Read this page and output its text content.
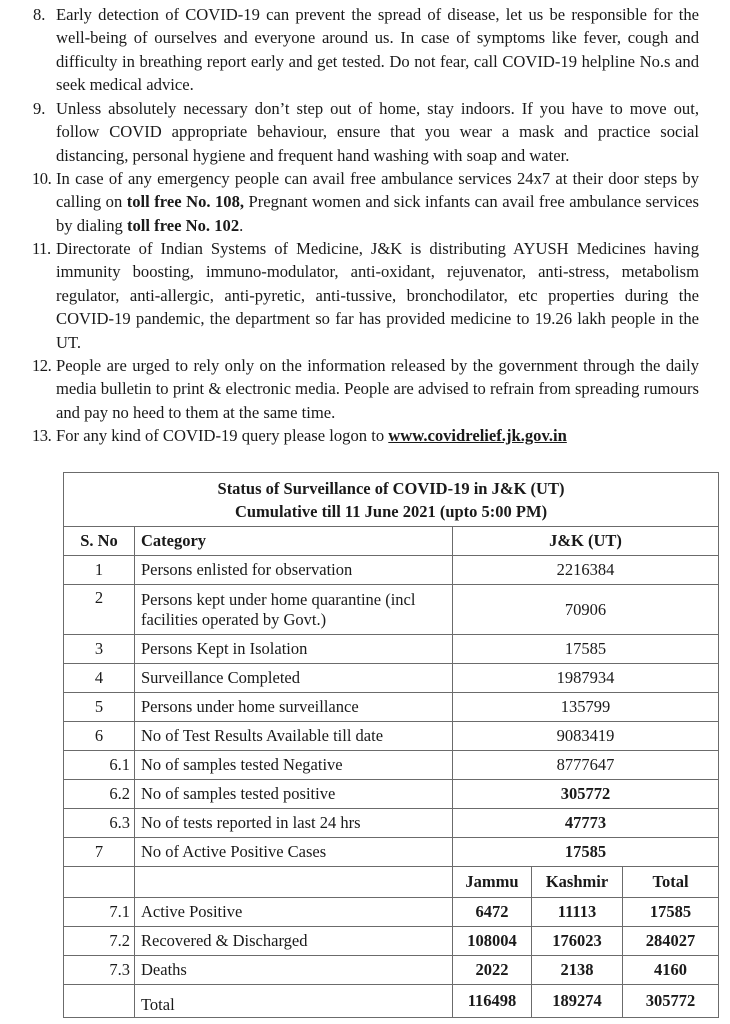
8. Early detection of COVID-19 can prevent the spread of disease, let us be responsible for the well-being of ourselves and everyone around us. In case of symptoms like fever, cough and difficulty in breathing report early and get tested. Do not fear, call COVID-19 helpline No.s and seek medical advice.
9. Unless absolutely necessary don’t step out of home, stay indoors. If you have to move out, follow COVID appropriate behaviour, ensure that you wear a mask and practice social distancing, personal hygiene and frequent hand washing with soap and water.
10. In case of any emergency people can avail free ambulance services 24x7 at their door steps by calling on toll free No. 108, Pregnant women and sick infants can avail free ambulance services by dialing toll free No. 102.
11. Directorate of Indian Systems of Medicine, J&K is distributing AYUSH Medicines having immunity boosting, immuno-modulator, anti-oxidant, rejuvenator, anti-stress, metabolism regulator, anti-allergic, anti-pyretic, anti-tussive, bronchodilator, etc properties during the COVID-19 pandemic, the department so far has provided medicine to 19.26 lakh people in the UT.
12. People are urged to rely only on the information released by the government through the daily media bulletin to print & electronic media. People are advised to refrain from spreading rumours and pay no heed to them at the same time.
13. For any kind of COVID-19 query please logon to www.covidrelief.jk.gov.in
Status of Surveillance of COVID-19 in J&K (UT)
Cumulative till 11 June 2021 (upto 5:00 PM)				

S. No	Category	J&K (UT)		
1	Persons enlisted for observation	2216384		
2	Persons kept under home quarantine (incl facilities operated by Govt.)	70906		
3	Persons Kept in Isolation	17585		
4	Surveillance Completed	1987934		
5	Persons under home surveillance	135799		
6	No of Test Results Available till date	9083419		
6.1	No of samples tested Negative	8777647		
6.2	No of samples tested positive	305772		
6.3	No of tests reported in last 24 hrs	47773		
7	No of Active Positive Cases	17585		
		Jammu	Kashmir	Total
7.1	Active Positive	6472	11113	17585
7.2	Recovered & Discharged	108004	176023	284027
7.3	Deaths	2022	2138	4160
	Total	116498	189274	305772
